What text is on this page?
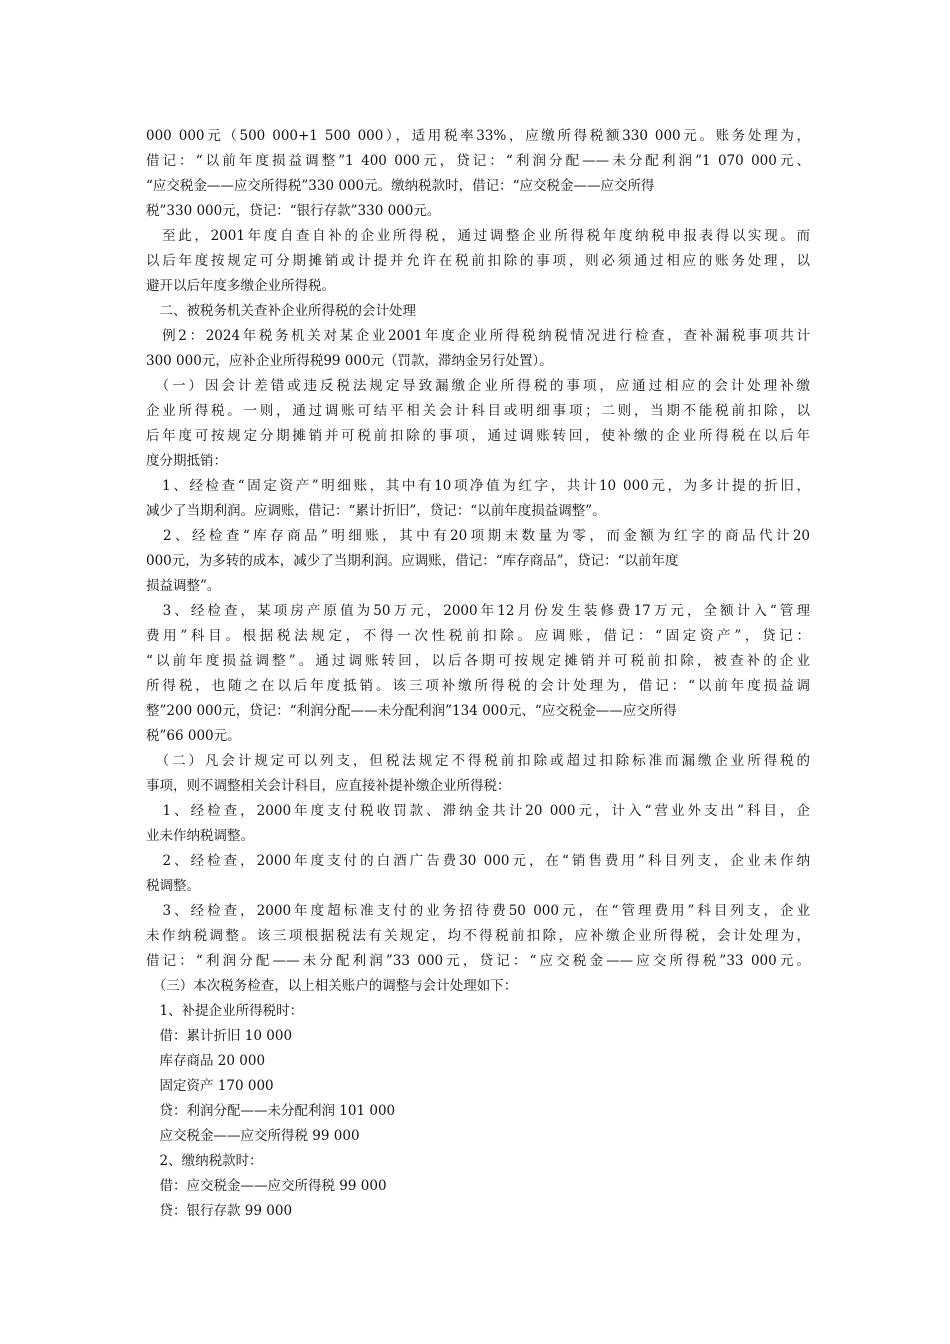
000 000元（500 000+1 500 000），适用税率33%，应缴所得税额330 000元。账务处理为，
借记：“以前年度损益调整”1 400 000元，贷记：“利润分配——未分配利润”1 070 000元、
“应交税金——应交所得税”330 000元。缴纳税款时，借记：“应交税金——应交所得
税”330 000元，贷记：“银行存款”330 000元。
　至此，2001年度自查自补的企业所得税，通过调整企业所得税年度纳税申报表得以实现。而
以后年度按规定可分期摊销或计提并允许在税前扣除的事项，则必须通过相应的账务处理，以
避开以后年度多缴企业所得税。
　二、被税务机关查补企业所得税的会计处理
　例2：2024年税务机关对某企业2001年度企业所得税纳税情况进行检查，查补漏税事项共计
300 000元，应补企业所得税99 000元（罚款，滞纳金另行处置）。
　（一）因会计差错或违反税法规定导致漏缴企业所得税的事项，应通过相应的会计处理补缴
企业所得税。一则，通过调账可结平相关会计科目或明细事项；二则，当期不能税前扣除，以
后年度可按规定分期摊销并可税前扣除的事项，通过调账转回，使补缴的企业所得税在以后年
度分期抵销：
　1、经检查“固定资产”明细账，其中有10项净值为红字，共计10 000元，为多计提的折旧，
减少了当期利润。应调账，借记：“累计折旧”，贷记：“以前年度损益调整”。
　2、经检查“库存商品”明细账，其中有20项期末数量为零，而金额为红字的商品代计20
000元，为多转的成本，减少了当期利润。应调账，借记：“库存商品”，贷记：“以前年度
损益调整”。
　3、经检查，某项房产原值为50万元，2000年12月份发生装修费17万元，全额计入“管理
费用”科目。根据税法规定，不得一次性税前扣除。应调账，借记：“固定资产”，贷记：
“以前年度损益调整”。通过调账转回，以后各期可按规定摊销并可税前扣除，被查补的企业
所得税，也随之在以后年度抵销。该三项补缴所得税的会计处理为，借记：“以前年度损益调
整”200 000元，贷记：“利润分配——未分配利润”134 000元、“应交税金——应交所得
税”66 000元。
　（二）凡会计规定可以列支，但税法规定不得税前扣除或超过扣除标准而漏缴企业所得税的
事项，则不调整相关会计科目，应直接补提补缴企业所得税：
　1、经检查，2000年度支付税收罚款、滞纳金共计20 000元，计入“营业外支出”科目，企
业未作纳税调整。
　2、经检查，2000年度支付的白酒广告费30 000元，在“销售费用”科目列支，企业未作纳
税调整。
　3、经检查，2000年度超标准支付的业务招待费50 000元，在“管理费用”科目列支，企业
未作纳税调整。该三项根据税法有关规定，均不得税前扣除，应补缴企业所得税，会计处理为，
借记：“利润分配——未分配利润”33 000元，贷记：“应交税金——应交所得税”33 000元。
　（三）本次税务检查，以上相关账户的调整与会计处理如下：
　1、补提企业所得税时：
　借：累计折旧 10 000
　库存商品 20 000
　固定资产 170 000
　贷：利润分配——未分配利润 101 000
　应交税金——应交所得税 99 000
　2、缴纳税款时：
　借：应交税金——应交所得税 99 000
　贷：银行存款 99 000
